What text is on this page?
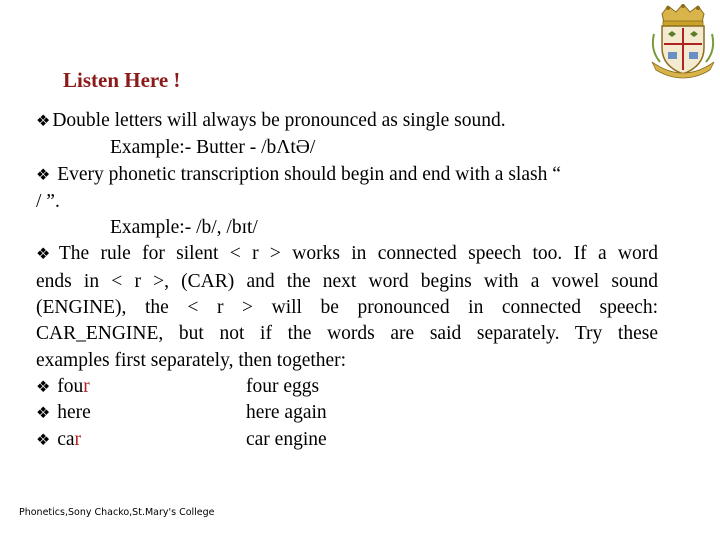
Listen Here !
❖ Double letters will always be pronounced as single sound.
Example:- Butter - /bΛtƏ/
❖ Every phonetic transcription should begin and end with a slash “
/ ”.
Example:- /b/, /bɪt/
❖ The rule for silent < r > works in connected speech too. If a word
ends in < r >, (CAR) and the next word begins with a vowel sound
(ENGINE), the < r > will be pronounced in connected speech:
CAR_ENGINE, but not if the words are said separately. Try these
examples first separately, then together:
❖ four	four eggs
❖ here	here again
❖ car	car engine
Phonetics,Sony Chacko,St.Mary's College
